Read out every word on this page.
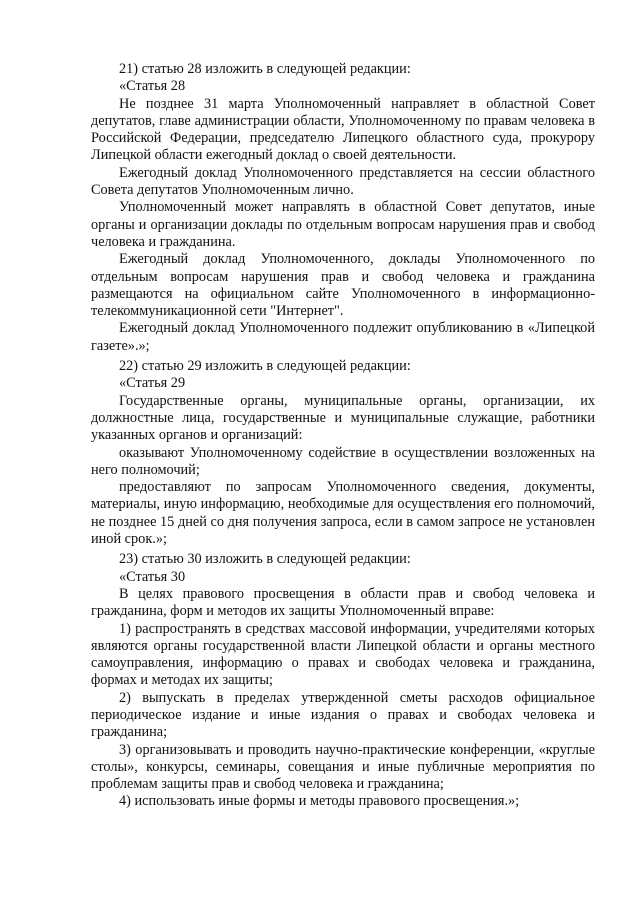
21) статью 28 изложить в следующей редакции:

«Статья 28

Не позднее 31 марта Уполномоченный направляет в областной Совет депутатов, главе администрации области, Уполномоченному по правам человека в Российской Федерации, председателю Липецкого областного суда, прокурору Липецкой области ежегодный доклад о своей деятельности.

Ежегодный доклад Уполномоченного представляется на сессии областного Совета депутатов Уполномоченным лично.

Уполномоченный может направлять в областной Совет депутатов, иные органы и организации доклады по отдельным вопросам нарушения прав и свобод человека и гражданина.

Ежегодный доклад Уполномоченного, доклады Уполномоченного по отдельным вопросам нарушения прав и свобод человека и гражданина размещаются на официальном сайте Уполномоченного в информационно-телекоммуникационной сети "Интернет".

Ежегодный доклад Уполномоченного подлежит опубликованию в «Липецкой газете».»;

22) статью 29 изложить в следующей редакции:

«Статья 29

Государственные органы, муниципальные органы, организации, их должностные лица, государственные и муниципальные служащие, работники указанных органов и организаций:

оказывают Уполномоченному содействие в осуществлении возложенных на него полномочий;

предоставляют по запросам Уполномоченного сведения, документы, материалы, иную информацию, необходимые для осуществления его полномочий, не позднее 15 дней со дня получения запроса, если в самом запросе не установлен иной срок.»;

23) статью 30 изложить в следующей редакции:

«Статья 30

В целях правового просвещения в области прав и свобод человека и гражданина, форм и методов их защиты Уполномоченный вправе:

1) распространять в средствах массовой информации, учредителями которых являются органы государственной власти Липецкой области и органы местного самоуправления, информацию о правах и свободах человека и гражданина, формах и методах их защиты;

2) выпускать в пределах утвержденной сметы расходов официальное периодическое издание и иные издания о правах и свободах человека и гражданина;

3) организовывать и проводить научно-практические конференции, «круглые столы», конкурсы, семинары, совещания и иные публичные мероприятия по проблемам защиты прав и свобод человека и гражданина;

4) использовать иные формы и методы правового просвещения.»;
